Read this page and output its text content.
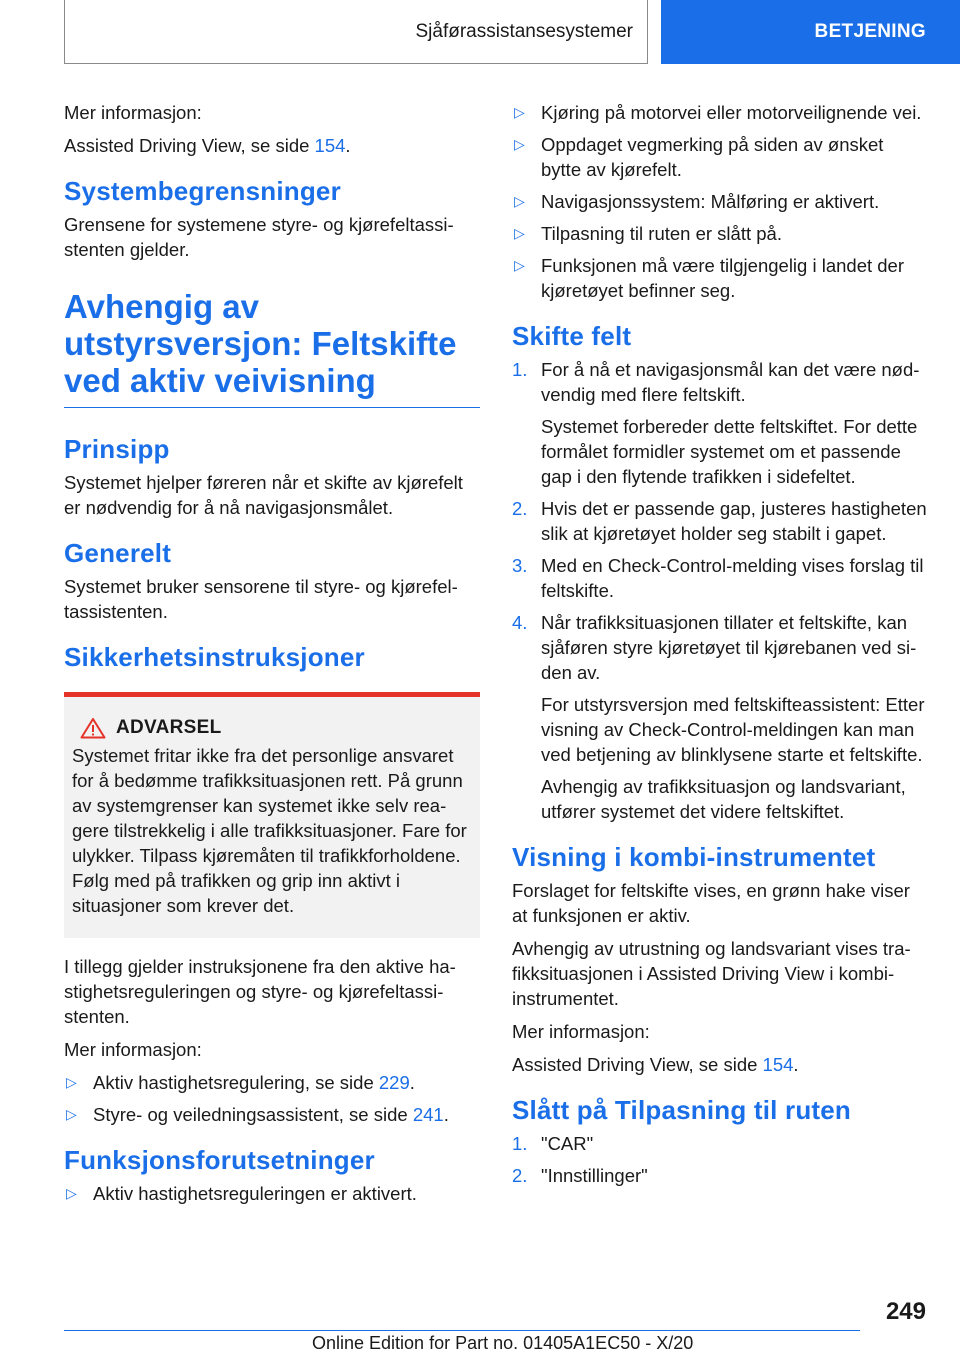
Sjåførassistansesystemer	BETJENING

Mer informasjon:

Assisted Driving View, se side 154.

Systembegrensninger

Grensene for systemene styre- og kjørefeltassistenten gjelder.

Avhengig av utstyrsversjon: Feltskifte ved aktiv veivisning
Prinsipp

Systemet hjelper føreren når et skifte av kjørefelt er nødvendig for å nå navigasjonsmålet.

Generelt

Systemet bruker sensorene til styre- og kjørefeltassistenten.

Sikkerhetsinstruksjoner
ADVARSEL

Systemet fritar ikke fra det personlige ansvaret for å bedømme trafikksituasjonen rett. På grunn av systemgrenser kan systemet ikke selv reagere tilstrekkelig i alle trafikksituasjoner. Fare for ulykker. Tilpass kjøremåten til trafikkforholdene. Følg med på trafikken og grip inn aktivt i situasjoner som krever det.

I tillegg gjelder instruksjonene fra den aktive hastighetsreguleringen og styre- og kjørefeltassistenten.

Mer informasjon:

▷ Aktiv hastighetsregulering, se side 229.
▷ Styre- og veiledningsassistent, se side 241.
Funksjonsforutsetninger
▷ Aktiv hastighetsreguleringen er aktivert.
▷ Kjøring på motorvei eller motorveilignende vei.
▷ Oppdaget vegmerking på siden av ønsket bytte av kjørefelt.
▷ Navigasjonssystem: Målføring er aktivert.
▷ Tilpasning til ruten er slått på.
▷ Funksjonen må være tilgjengelig i landet der kjøretøyet befinner seg.
Skifte felt
1. For å nå et navigasjonsmål kan det være nødvendig med flere feltskift.
Systemet forbereder dette feltskiftet. For dette formålet formidler systemet om et passende gap i den flytende trafikken i sidefeltet.
2. Hvis det er passende gap, justeres hastigheten slik at kjøretøyet holder seg stabilt i gapet.
3. Med en Check-Control-melding vises forslag til feltskifte.
4. Når trafikksituasjonen tillater et feltskifte, kan sjåføren styre kjøretøyet til kjørebanen ved siden av.
For utstyrsversjon med feltskifteassistent: Etter visning av Check-Control-meldingen kan man ved betjening av blinklysene starte et feltskifte.
Avhengig av trafikksituasjon og landsvariant, utfører systemet det videre feltskiftet.
Visning i kombi-instrumentet

Forslaget for feltskifte vises, en grønn hake viser at funksjonen er aktiv.

Avhengig av utrustning og landsvariant vises trafikksituasjonen i Assisted Driving View i kombiinstrumentet.

Mer informasjon:

Assisted Driving View, se side 154.

Slått på Tilpasning til ruten
1. "CAR"
2. "Innstillinger"
249
Online Edition for Part no. 01405A1EC50 - X/20
